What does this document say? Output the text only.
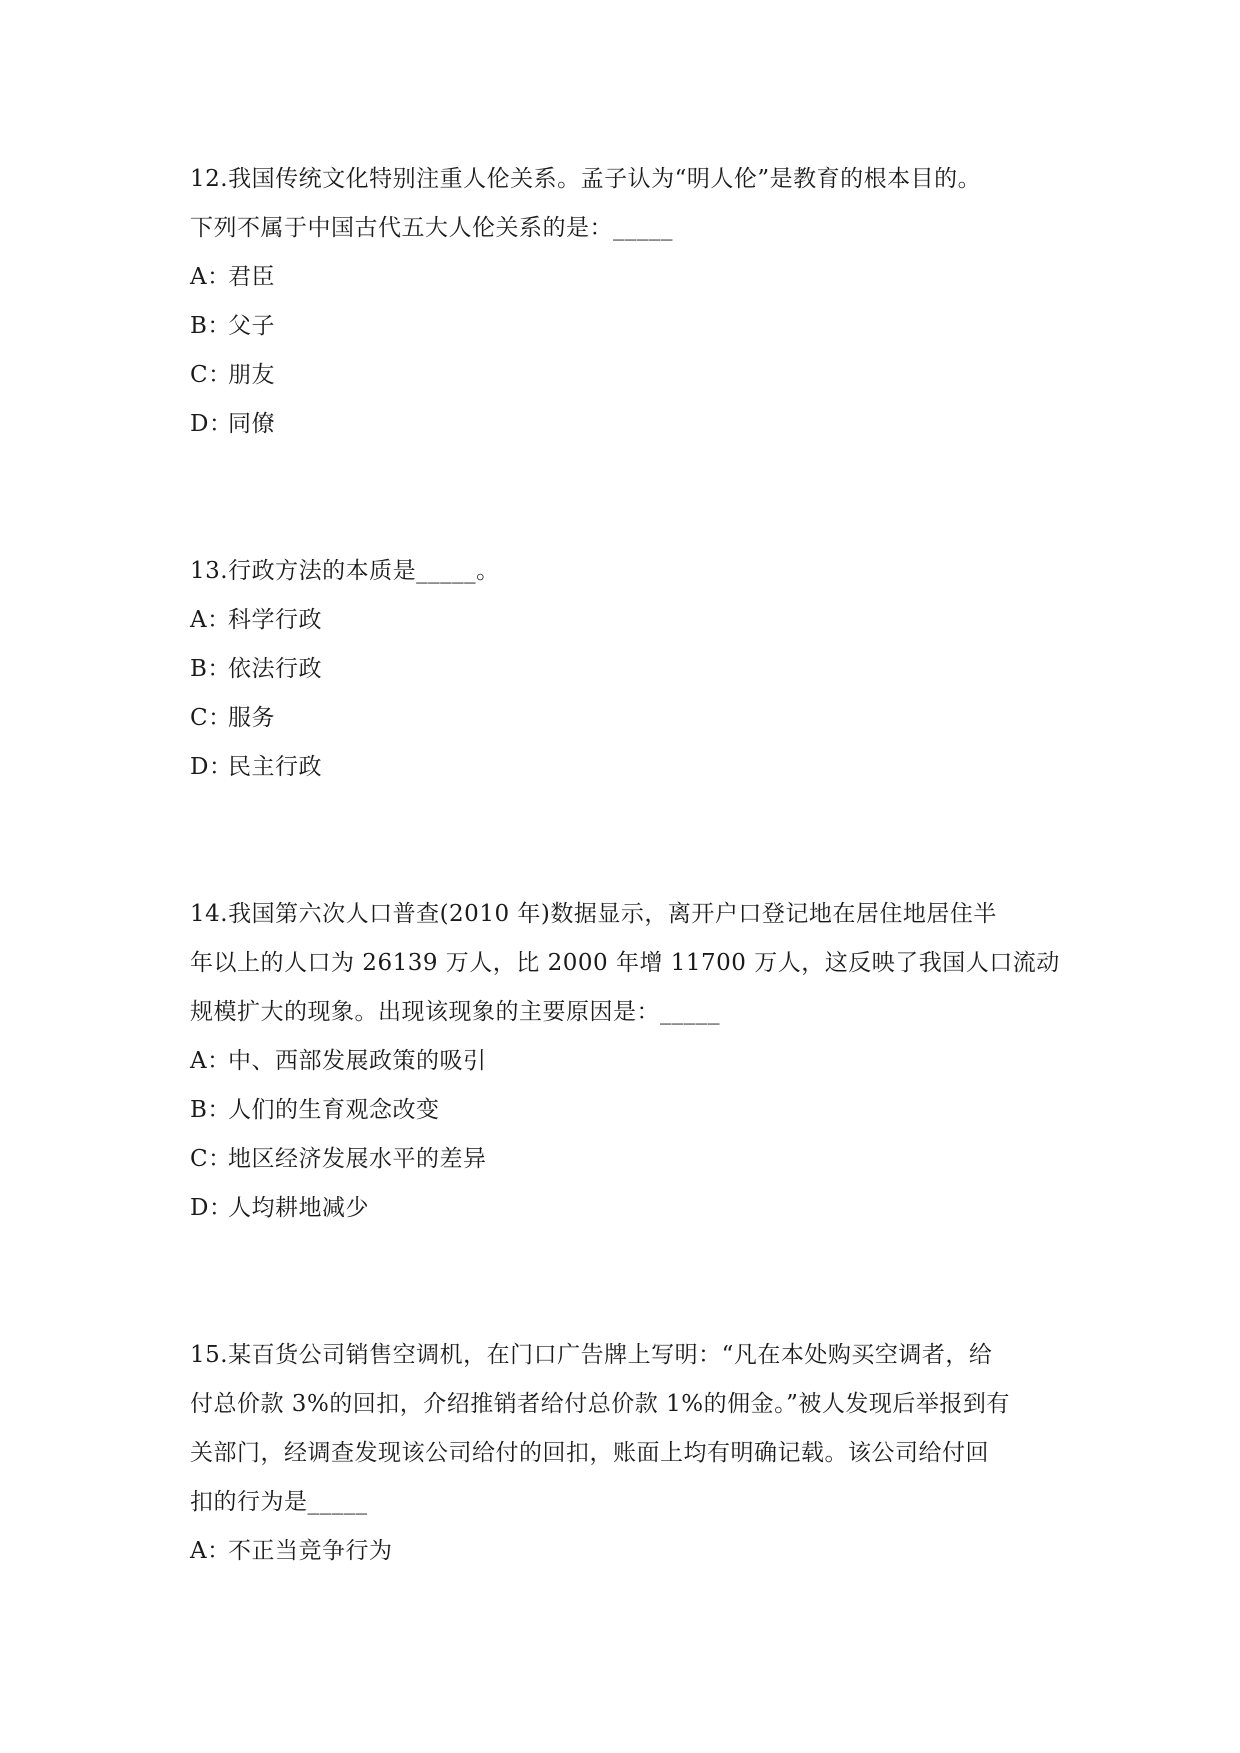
12.我国传统文化特别注重人伦关系。孟子认为“明人伦”是教育的根本目的。
下列不属于中国古代五大人伦关系的是：_____

A：君臣

B：父子

C：朋友

D：同僚

13.行政方法的本质是_____。

A：科学行政

B：依法行政

C：服务

D：民主行政

14.我国第六次人口普查(2010 年)数据显示，离开户口登记地在居住地居住半
年以上的人口为 26139 万人，比 2000 年增 11700 万人，这反映了我国人口流动
规模扩大的现象。出现该现象的主要原因是：_____

A：中、西部发展政策的吸引

B：人们的生育观念改变

C：地区经济发展水平的差异

D：人均耕地减少

15.某百货公司销售空调机，在门口广告牌上写明：“凡在本处购买空调者，给
付总价款 3%的回扣，介绍推销者给付总价款 1%的佣金。”被人发现后举报到有
关部门，经调查发现该公司给付的回扣，账面上均有明确记载。该公司给付回
扣的行为是_____

A：不正当竞争行为
